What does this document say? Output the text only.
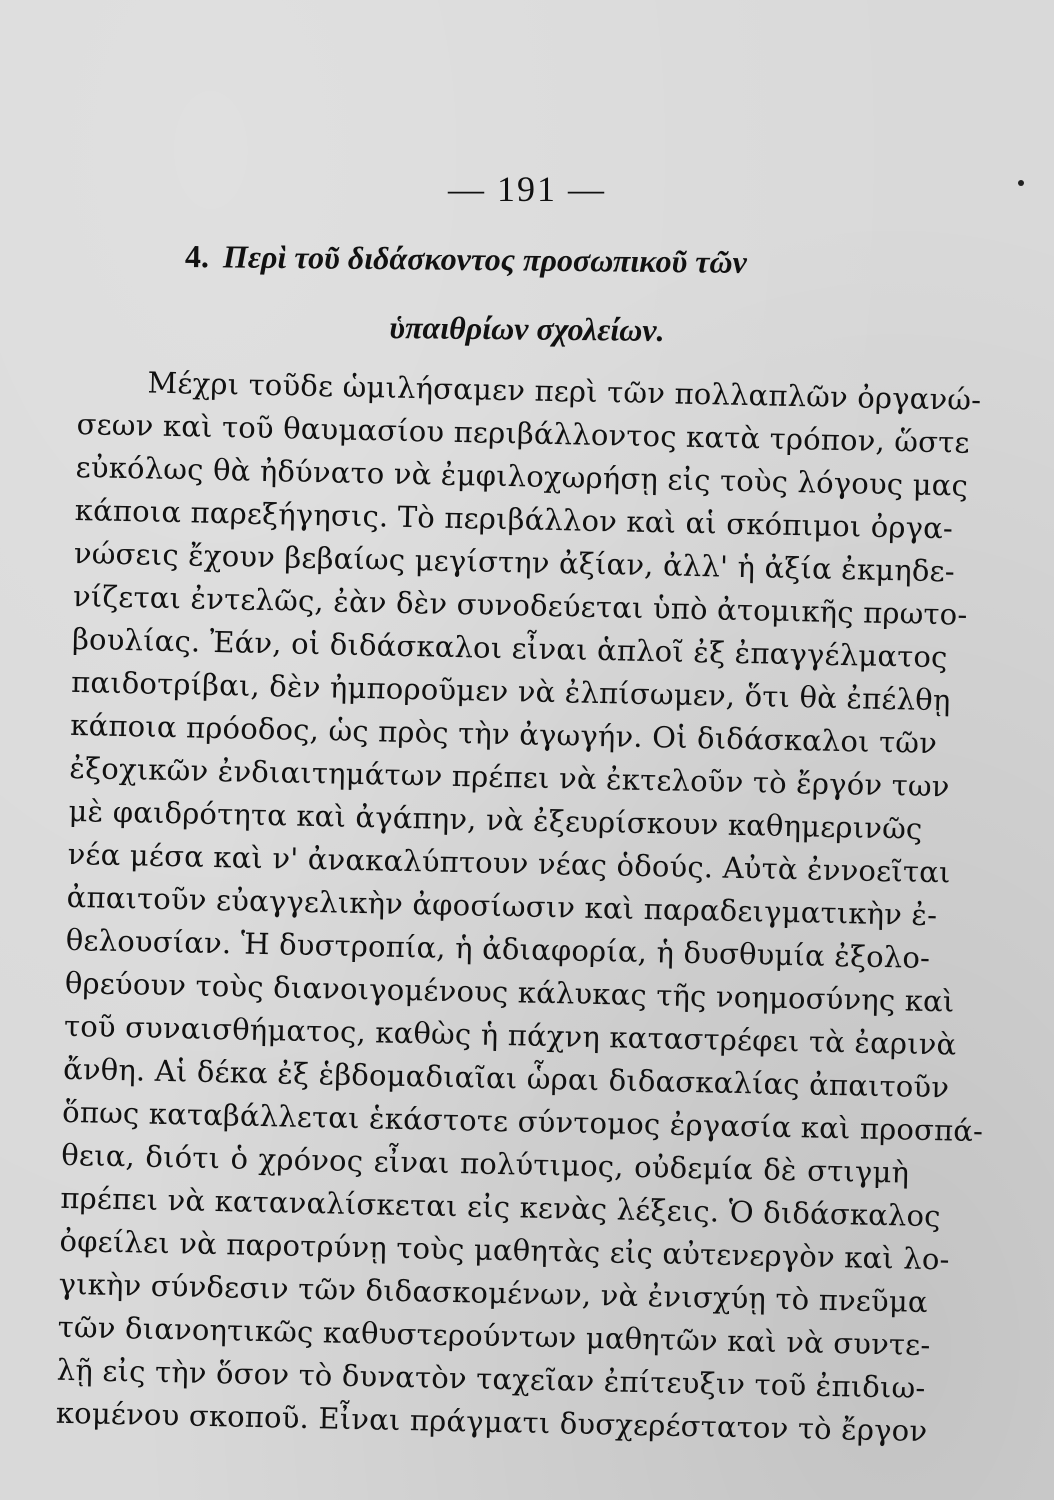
— 191 —
4. Περὶ τοῦ διδάσκοντος προσωπικοῦ τῶν
ὑπαιθρίων σχολείων.
Μέχρι τοῦδε ὡμιλήσαμεν περὶ τῶν πολλαπλῶν ὀργανώ-
σεων καὶ τοῦ θαυμασίου περιβάλλοντος κατὰ τρόπον, ὥστε
εὐκόλως θὰ ἠδύνατο νὰ ἐμφιλοχωρήσῃ εἰς τοὺς λόγους μας
κάποια παρεξήγησις. Τὸ περιβάλλον καὶ αἱ σκόπιμοι ὀργα-
νώσεις ἔχουν βεβαίως μεγίστην ἀξίαν, ἀλλ' ἡ ἀξία ἐκμηδε-
νίζεται ἐντελῶς, ἐὰν δὲν συνοδεύεται ὑπὸ ἀτομικῆς πρωτο-
βουλίας. Ἐάν, οἱ διδάσκαλοι εἶναι ἁπλοῖ ἐξ ἐπαγγέλματος
παιδοτρίβαι, δὲν ἠμποροῦμεν νὰ ἐλπίσωμεν, ὅτι θὰ ἐπέλθῃ
κάποια πρόοδος, ὡς πρὸς τὴν ἀγωγήν. Οἱ διδάσκαλοι τῶν
ἐξοχικῶν ἐνδιαιτημάτων πρέπει νὰ ἐκτελοῦν τὸ ἔργόν των
μὲ φαιδρότητα καὶ ἀγάπην, νὰ ἐξευρίσκουν καθημερινῶς
νέα μέσα καὶ ν' ἀνακαλύπτουν νέας ὁδούς. Αὐτὰ ἐννοεῖται
ἀπαιτοῦν εὐαγγελικὴν ἀφοσίωσιν καὶ παραδειγματικὴν ἐ-
θελουσίαν. Ἡ δυστροπία, ἡ ἀδιαφορία, ἡ δυσθυμία ἐξολο-
θρεύουν τοὺς διανοιγομένους κάλυκας τῆς νοημοσύνης καὶ
τοῦ συναισθήματος, καθὼς ἡ πάχνη καταστρέφει τὰ ἐαρινὰ
ἄνθη. Αἱ δέκα ἐξ ἑβδομαδιαῖαι ὧραι διδασκαλίας ἀπαιτοῦν
ὅπως καταβάλλεται ἑκάστοτε σύντομος ἐργασία καὶ προσπά-
θεια, διότι ὁ χρόνος εἶναι πολύτιμος, οὐδεμία δὲ στιγμὴ
πρέπει νὰ καταναλίσκεται εἰς κενὰς λέξεις. Ὁ διδάσκαλος
ὀφείλει νὰ παροτρύνῃ τοὺς μαθητὰς εἰς αὐτενεργὸν καὶ λο-
γικὴν σύνδεσιν τῶν διδασκομένων, νὰ ἐνισχύῃ τὸ πνεῦμα
τῶν διανοητικῶς καθυστερούντων μαθητῶν καὶ νὰ συντε-
λῇ εἰς τὴν ὅσον τὸ δυνατὸν ταχεῖαν ἐπίτευξιν τοῦ ἐπιδιω-
κομένου σκοποῦ. Εἶναι πράγματι δυσχερέστατον τὸ ἔργον
